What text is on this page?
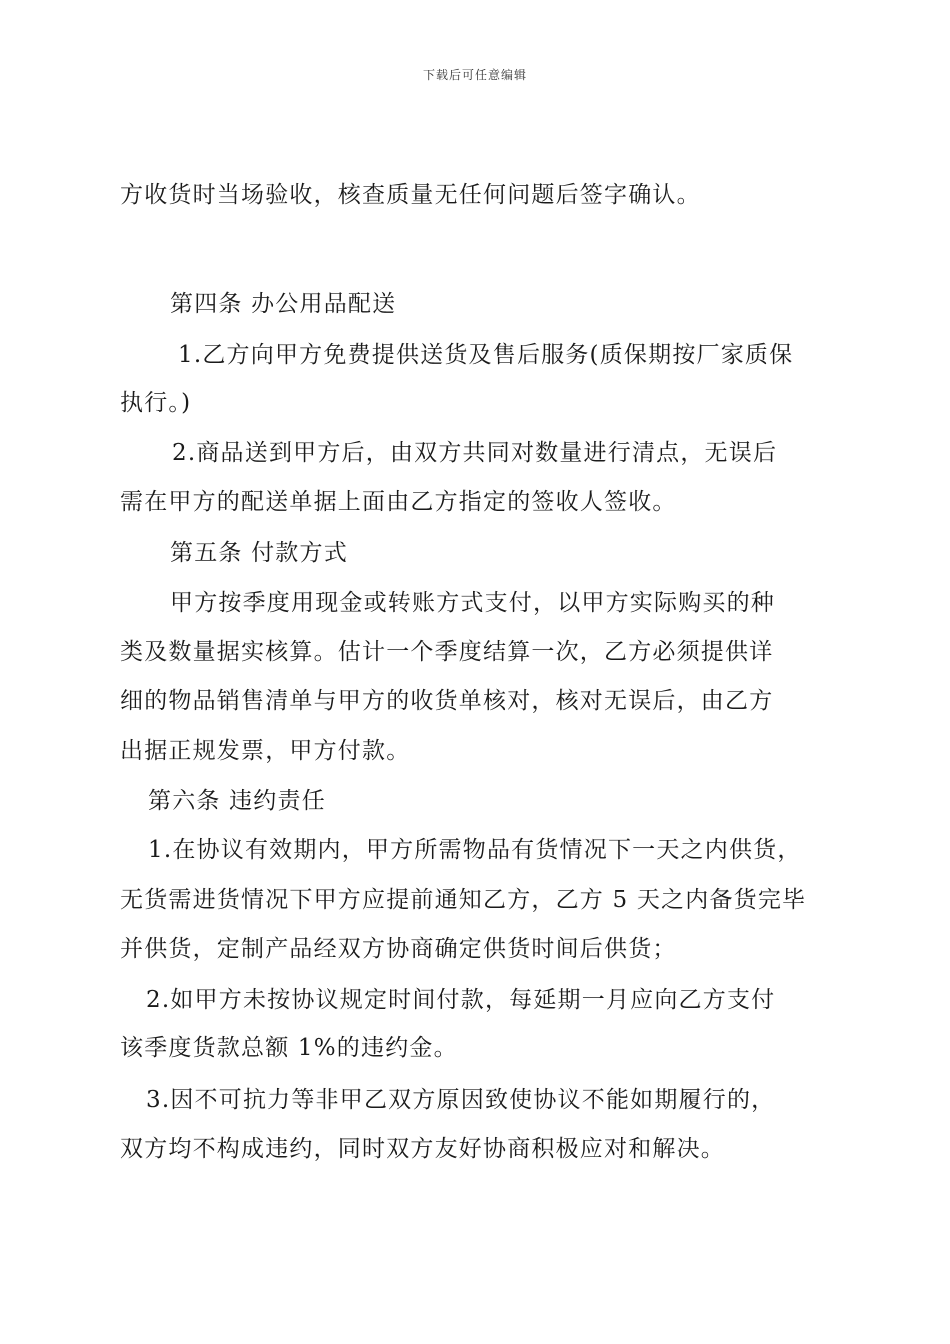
下载后可任意编辑
方收货时当场验收，核查质量无任何问题后签字确认。
第四条 办公用品配送
1.乙方向甲方免费提供送货及售后服务(质保期按厂家质保
执行。)
2.商品送到甲方后，由双方共同对数量进行清点，无误后
需在甲方的配送单据上面由乙方指定的签收人签收。
第五条 付款方式
甲方按季度用现金或转账方式支付，以甲方实际购买的种
类及数量据实核算。估计一个季度结算一次，乙方必须提供详
细的物品销售清单与甲方的收货单核对，核对无误后，由乙方
出据正规发票，甲方付款。
第六条 违约责任
1.在协议有效期内，甲方所需物品有货情况下一天之内供货，
无货需进货情况下甲方应提前通知乙方，乙方 5 天之内备货完毕
并供货，定制产品经双方协商确定供货时间后供货；
2.如甲方未按协议规定时间付款，每延期一月应向乙方支付
该季度货款总额 1%的违约金。
3.因不可抗力等非甲乙双方原因致使协议不能如期履行的，
双方均不构成违约，同时双方友好协商积极应对和解决。
